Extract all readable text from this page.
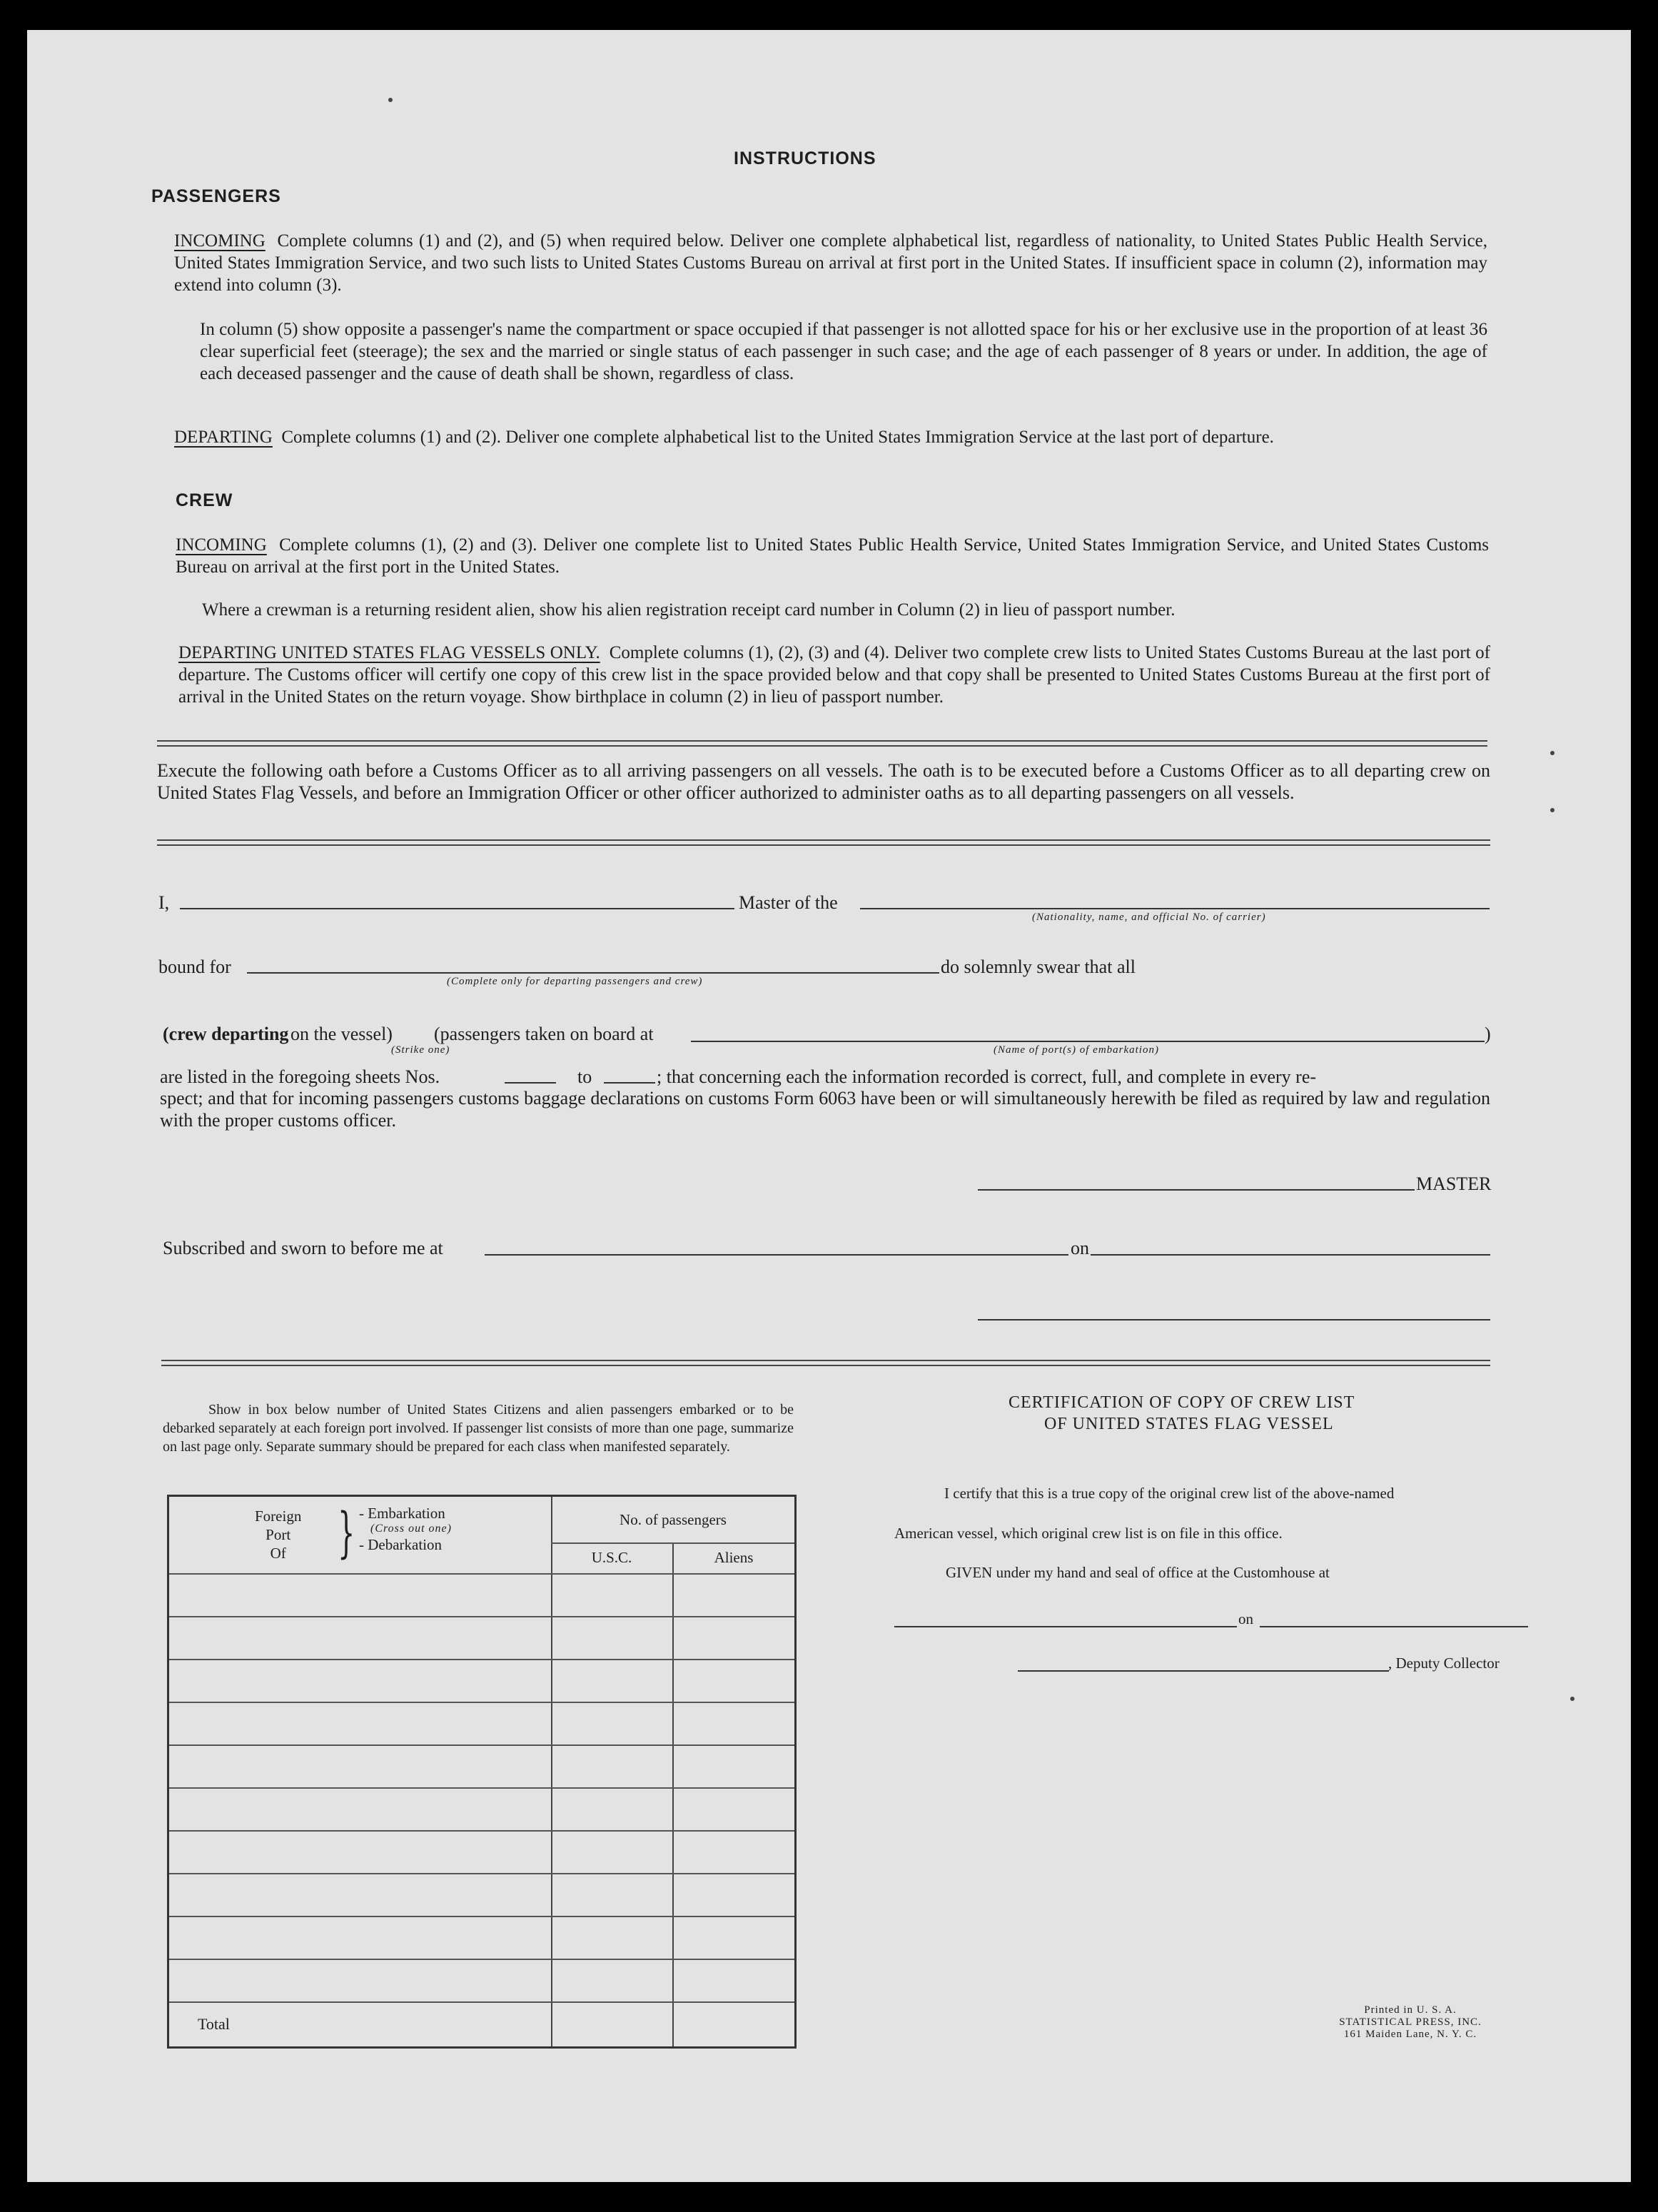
INSTRUCTIONS
PASSENGERS
INCOMING Complete columns (1) and (2), and (5) when required below. Deliver one complete alphabetical list, regardless of nationality, to United States Public Health Service, United States Immigration Service, and two such lists to United States Customs Bureau on arrival at first port in the United States. If insufficient space in column (2), information may extend into column (3).
In column (5) show opposite a passenger's name the compartment or space occupied if that passenger is not allotted space for his or her exclusive use in the proportion of at least 36 clear superficial feet (steerage); the sex and the married or single status of each passenger in such case; and the age of each passenger of 8 years or under. In addition, the age of each deceased passenger and the cause of death shall be shown, regardless of class.
DEPARTING Complete columns (1) and (2). Deliver one complete alphabetical list to the United States Immigration Service at the last port of departure.
CREW
INCOMING Complete columns (1), (2) and (3). Deliver one complete list to United States Public Health Service, United States Immigration Service, and United States Customs Bureau on arrival at the first port in the United States.
Where a crewman is a returning resident alien, show his alien registration receipt card number in Column (2) in lieu of passport number.
DEPARTING UNITED STATES FLAG VESSELS ONLY. Complete columns (1), (2), (3) and (4). Deliver two complete crew lists to United States Customs Bureau at the last port of departure. The Customs officer will certify one copy of this crew list in the space provided below and that copy shall be presented to United States Customs Bureau at the first port of arrival in the United States on the return voyage. Show birthplace in column (2) in lieu of passport number.
Execute the following oath before a Customs Officer as to all arriving passengers on all vessels. The oath is to be executed before a Customs Officer as to all departing crew on United States Flag Vessels, and before an Immigration Officer or other officer authorized to administer oaths as to all departing passengers on all vessels.
I,	Master of the
(Nationality, name, and official No. of carrier)
bound for	do solemnly swear that all
(Complete only for departing passengers and crew)
(crew departing on the vessel) (passengers taken on board at	)
(Strike one)	(Name of port(s) of embarkation)
are listed in the foregoing sheets Nos.	to	; that concerning each the information recorded is correct, full, and complete in every re-
spect; and that for incoming passengers customs baggage declarations on customs Form 6063 have been or will simultaneously herewith be filed as required by law and regulation with the proper customs officer.
MASTER
Subscribed and sworn to before me at	on
Show in box below number of United States Citizens and alien passengers embarked or to be debarked separately at each foreign port involved. If passenger list consists of more than one page, summarize on last page only. Separate summary should be prepared for each class when manifested separately.
Foreign
Port
Of } - Embarkation
(Cross out one)
- Debarkation
No. of passengers
U.S.C.	Aliens
Total
CERTIFICATION OF COPY OF CREW LIST
OF UNITED STATES FLAG VESSEL
I certify that this is a true copy of the original crew list of the above-named
American vessel, which original crew list is on file in this office.
GIVEN under my hand and seal of office at the Customhouse at
on
, Deputy Collector
Printed in U. S. A.
STATISTICAL PRESS, INC.
161 Maiden Lane, N. Y. C.
